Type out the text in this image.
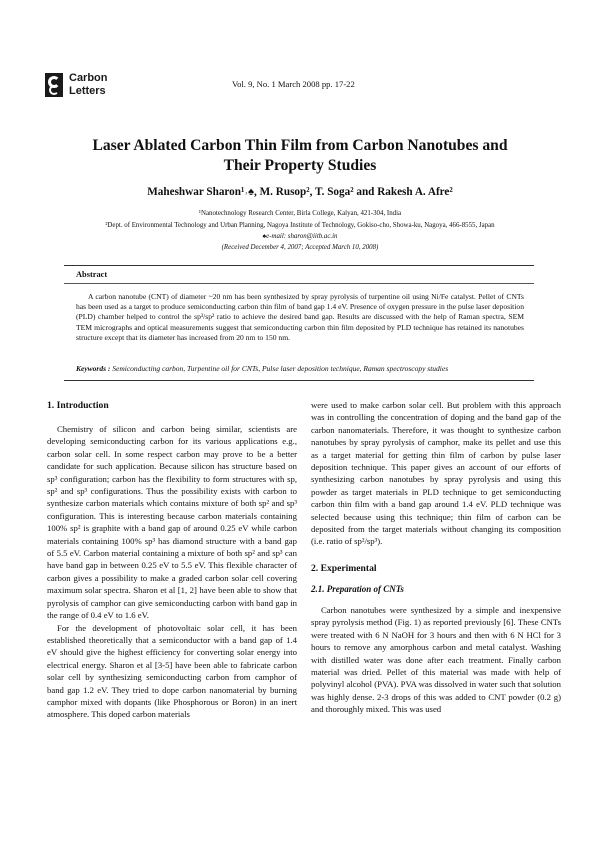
Carbon
Letters
Vol. 9, No. 1 March 2008 pp. 17-22
Laser Ablated Carbon Thin Film from Carbon Nanotubes and
Their Property Studies
Maheshwar Sharon¹˒♠, M. Rusop², T. Soga² and Rakesh A. Afre²
¹Nanotechnology Research Center, Birla College, Kalyan, 421-304, India
²Dept. of Environmental Technology and Urban Planning, Nagoya Institute of Technology, Gokiso-cho, Showa-ku, Nagoya, 466-8555, Japan
♠e-mail: sharon@iitb.ac.in
(Received December 4, 2007; Accepted March 10, 2008)
Abstract

A carbon nanotube (CNT) of diameter ~20 nm has been synthesized by spray pyrolysis of turpentine oil using Ni/Fe catalyst. Pellet of CNTs has been used as a target to produce semiconducting carbon thin film of band gap 1.4 eV. Presence of oxygen pressure in the pulse laser deposition (PLD) chamber helped to control the sp³/sp² ratio to achieve the desired band gap. Results are discussed with the help of Raman spectra, SEM TEM micrographs and optical measurements suggest that semiconducting carbon thin film deposited by PLD technique has retained its nanotubes structure except that its diameter has increased from 20 nm to 150 nm.

Keywords : Semiconducting carbon, Turpentine oil for CNTs, Pulse laser deposition technique, Raman spectroscopy studies

1. Introduction

Chemistry of silicon and carbon being similar, scientists are developing semiconducting carbon for its various applications e.g., carbon solar cell. In some respect carbon may prove to be a better candidate for such application. Because silicon has structure based on sp³ configuration; carbon has the flexibility to form structures with sp, sp² and sp³ configurations. Thus the possibility exists with carbon to synthesize carbon materials which contains mixture of both sp² and sp³ configuration. This is interesting because carbon materials containing 100% sp² is graphite with a band gap of around 0.25 eV while carbon materials containing 100% sp³ has diamond structure with a band gap of 5.5 eV. Carbon material containing a mixture of both sp² and sp³ can have band gap in between 0.25 eV to 5.5 eV. This flexible character of carbon gives a possibility to make a graded carbon solar cell covering maximum solar spectra. Sharon et al [1, 2] have been able to show that pyrolysis of camphor can give semiconducting carbon with band gap in the range of 0.4 eV to 1.6 eV.

For the development of photovoltaic solar cell, it has been established theoretically that a semiconductor with a band gap of 1.4 eV should give the highest efficiency for converting solar energy into electrical energy. Sharon et al [3-5] have been able to fabricate carbon solar cell by synthesizing semiconducting carbon from camphor of band gap 1.2 eV. They tried to dope carbon nanomaterial by burning camphor mixed with dopants (like Phosphorous or Boron) in an inert atmosphere. This doped carbon materials

were used to make carbon solar cell. But problem with this approach was in controlling the concentration of doping and the band gap of the carbon nanomaterials. Therefore, it was thought to synthesize carbon nanotubes by spray pyrolysis of camphor, make its pellet and use this as a target material for getting thin film of carbon by pulse laser deposition technique. This paper gives an account of our efforts of synthesizing carbon nanotubes by spray pyrolysis and using this powder as target materials in PLD technique to get semiconducting carbon thin film with a band gap around 1.4 eV. PLD technique was selected because using this technique; thin film of carbon can be deposited from the target materials without changing its composition (i.e. ratio of sp²/sp³).

2. Experimental

2.1. Preparation of CNTs

Carbon nanotubes were synthesized by a simple and inexpensive spray pyrolysis method (Fig. 1) as reported previously [6]. These CNTs were treated with 6 N NaOH for 3 hours and then with 6 N HCl for 3 hours to remove any amorphous carbon and metal catalyst. Washing with distilled water was done after each treatment. Finally carbon material was dried. Pellet of this material was made with help of polyvinyl alcohol (PVA). PVA was dissolved in water such that solution was highly dense. 2-3 drops of this was added to CNT powder (0.2 g) and thoroughly mixed. This was used
